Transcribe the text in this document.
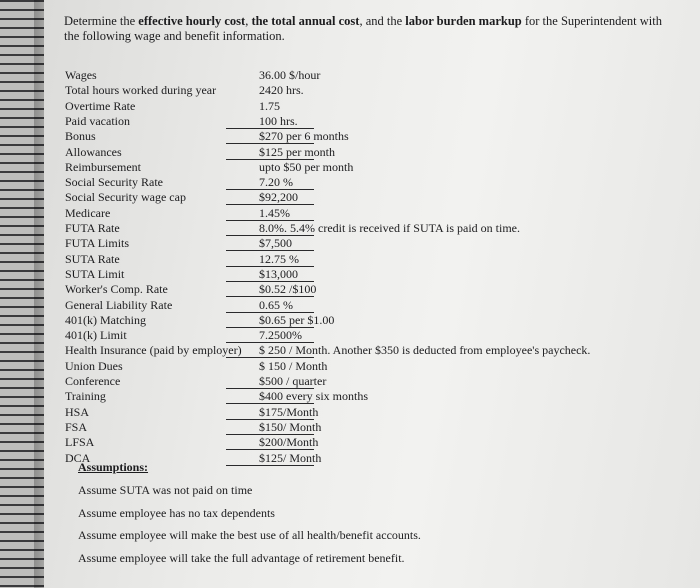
Determine the effective hourly cost, the total annual cost, and the labor burden markup for the Superintendent with the following wage and benefit information.
Wages	36.00 $/hour
Total hours worked during year	2420 hrs.
Overtime Rate	1.75
Paid vacation	100 hrs.
Bonus	$270 per 6 months
Allowances	$125 per month
Reimbursement	upto $50 per month
Social Security Rate	7.20 %
Social Security wage cap	$92,200
Medicare	1.45%
FUTA Rate	8.0%. 5.4% credit is received if SUTA is paid on time.
FUTA Limits	$7,500
SUTA Rate	12.75 %
SUTA Limit	$13,000
Worker's Comp. Rate	$0.52 /$100
General Liability Rate	0.65 %
401(k) Matching	$0.65 per $1.00
401(k) Limit	7.2500%
Health Insurance (paid by employer) $ 250 / Month. Another $350 is deducted from employee's paycheck.
Union Dues	$ 150 / Month
Conference	$500 / quarter
Training	$400 every six months
HSA	$175/Month
FSA	$150/ Month
LFSA	$200/Month
DCA	$125/ Month
Assumptions:
Assume SUTA was not paid on time
Assume employee has no tax dependents
Assume employee will make the best use of all health/benefit accounts.
Assume employee will take the full advantage of retirement benefit.
